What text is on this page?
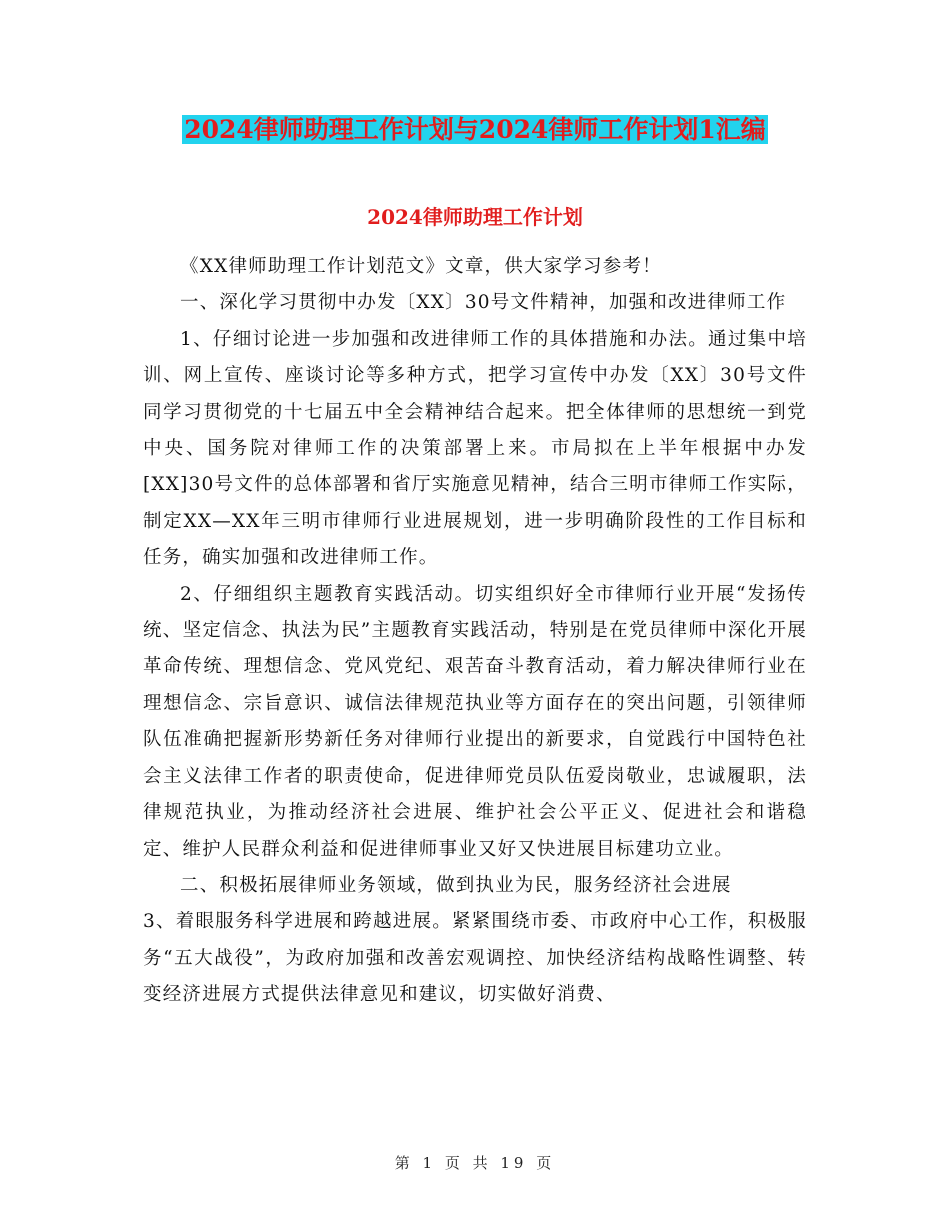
2024律师助理工作计划与2024律师工作计划1汇编
2024律师助理工作计划

《XX律师助理工作计划范文》文章，供大家学习参考！

一、深化学习贯彻中办发〔XX〕30号文件精神，加强和改进律师工作

1、仔细讨论进一步加强和改进律师工作的具体措施和办法。通过集中培训、网上宣传、座谈讨论等多种方式，把学习宣传中办发〔XX〕30号文件同学习贯彻党的十七届五中全会精神结合起来。把全体律师的思想统一到党中央、国务院对律师工作的决策部署上来。市局拟在上半年根据中办发[XX]30号文件的总体部署和省厅实施意见精神，结合三明市律师工作实际，制定XX—XX年三明市律师行业进展规划，进一步明确阶段性的工作目标和任务，确实加强和改进律师工作。

2、仔细组织主题教育实践活动。切实组织好全市律师行业开展“发扬传统、坚定信念、执法为民”主题教育实践活动，特别是在党员律师中深化开展革命传统、理想信念、党风党纪、艰苦奋斗教育活动，着力解决律师行业在理想信念、宗旨意识、诚信法律规范执业等方面存在的突出问题，引领律师队伍准确把握新形势新任务对律师行业提出的新要求，自觉践行中国特色社会主义法律工作者的职责使命，促进律师党员队伍爱岗敬业，忠诚履职，法律规范执业，为推动经济社会进展、维护社会公平正义、促进社会和谐稳定、维护人民群众利益和促进律师事业又好又快进展目标建功立业。

二、积极拓展律师业务领域，做到执业为民，服务经济社会进展

3、着眼服务科学进展和跨越进展。紧紧围绕市委、市政府中心工作，积极服务“五大战役”，为政府加强和改善宏观调控、加快经济结构战略性调整、转变经济进展方式提供法律意见和建议，切实做好消费、

第 1 页 共 19 页
